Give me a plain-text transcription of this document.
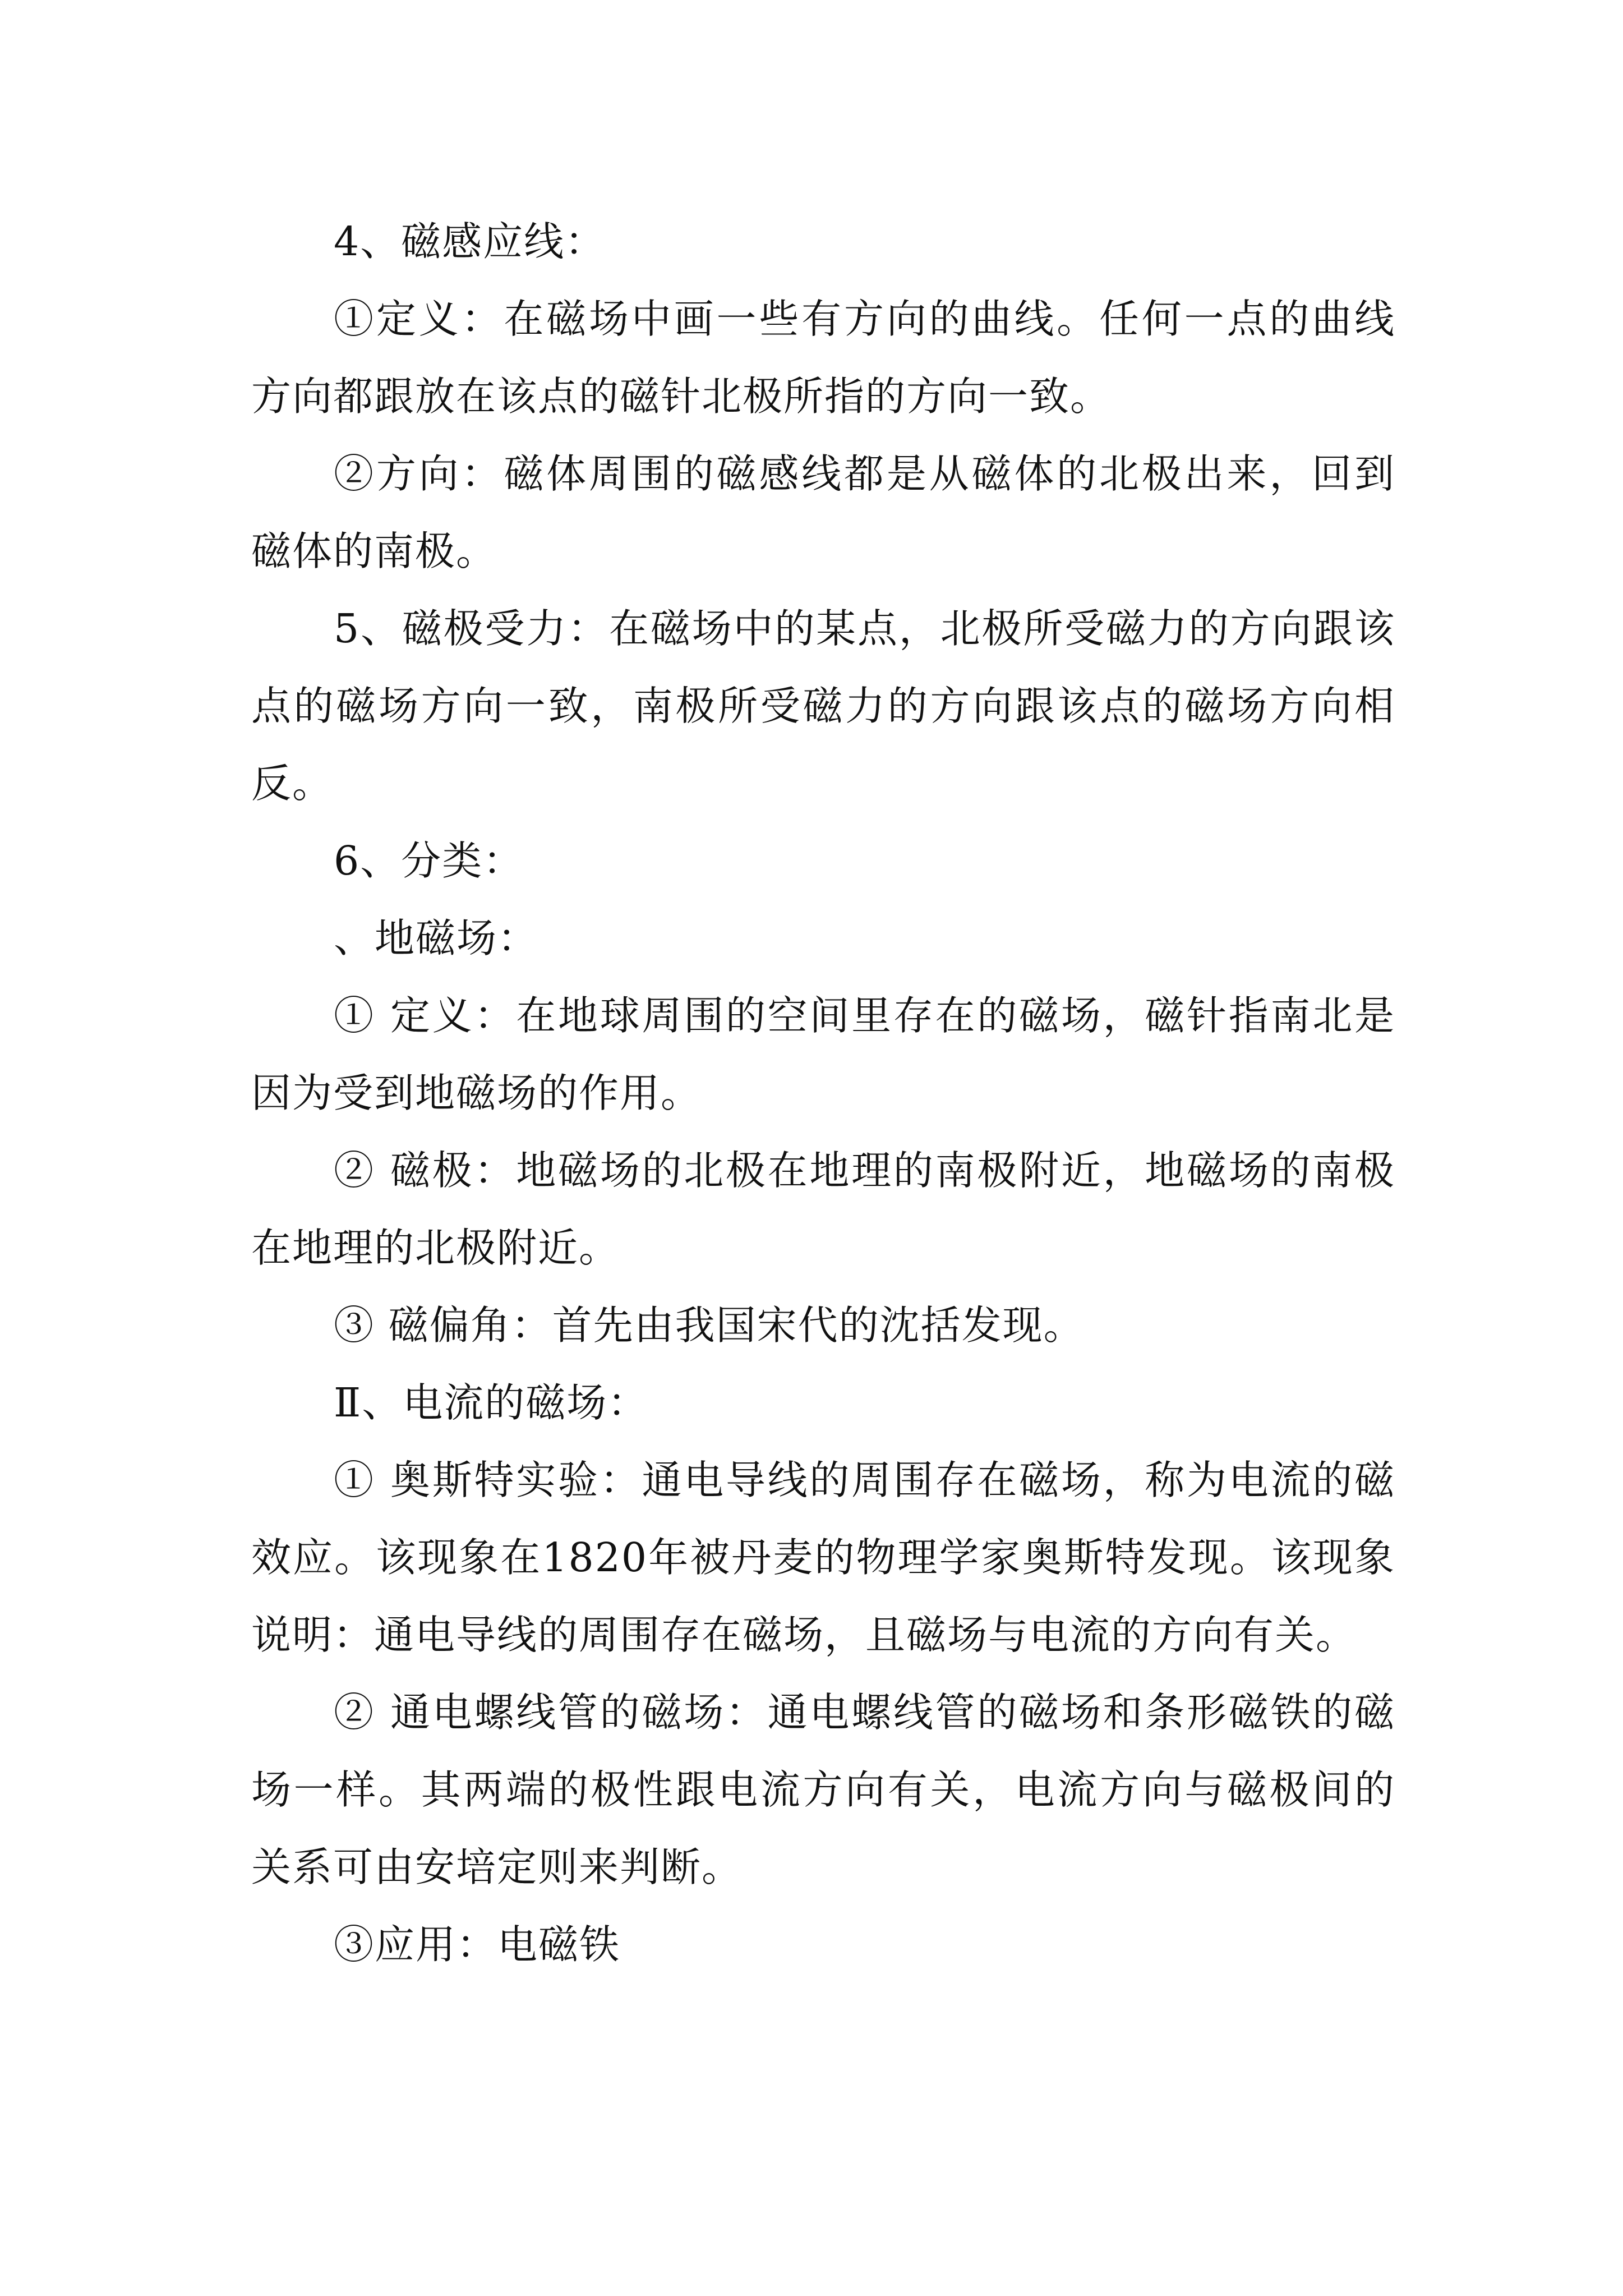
4、磁感应线：

①定义：在磁场中画一些有方向的曲线。任何一点的曲线方向都跟放在该点的磁针北极所指的方向一致。

②方向：磁体周围的磁感线都是从磁体的北极出来，回到磁体的南极。

5、磁极受力：在磁场中的某点，北极所受磁力的方向跟该点的磁场方向一致，南极所受磁力的方向跟该点的磁场方向相反。

6、分类：

、地磁场：

① 定义：在地球周围的空间里存在的磁场，磁针指南北是因为受到地磁场的作用。

② 磁极：地磁场的北极在地理的南极附近，地磁场的南极在地理的北极附近。

③ 磁偏角：首先由我国宋代的沈括发现。

Ⅱ、电流的磁场：

① 奥斯特实验：通电导线的周围存在磁场，称为电流的磁效应。该现象在1820年被丹麦的物理学家奥斯特发现。该现象说明：通电导线的周围存在磁场，且磁场与电流的方向有关。

② 通电螺线管的磁场：通电螺线管的磁场和条形磁铁的磁场一样。其两端的极性跟电流方向有关，电流方向与磁极间的关系可由安培定则来判断。

③应用：电磁铁
